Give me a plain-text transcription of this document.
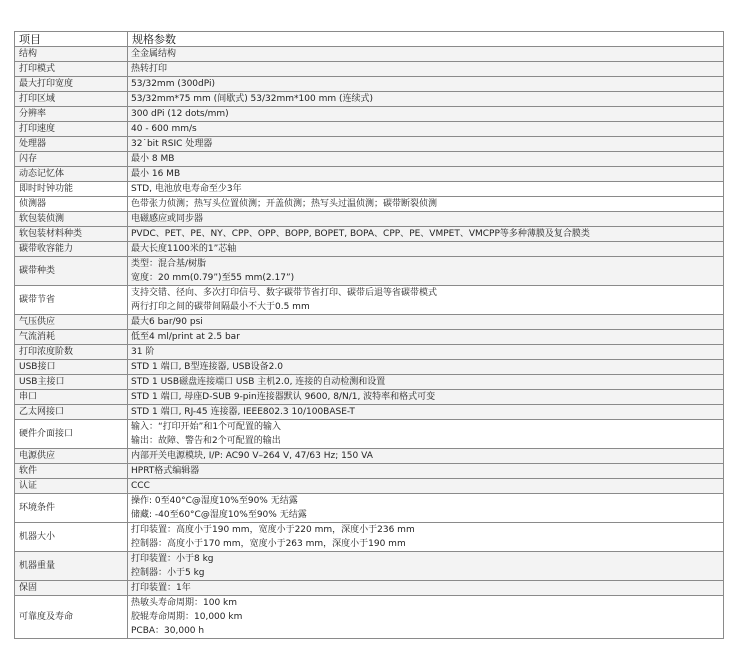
项目	规格参数
结构	全金属结构

打印模式	热转打印

最大打印宽度	53/32mm (300dPi)

打印区域	53/32mm*75 mm (间歇式) 53/32mm*100 mm (连续式)

分辨率	300 dPi (12 dots/mm)

打印速度	40 - 600 mm/s

处理器	32˙bit RSIC 处理器

闪存	最小 8 MB

动态记忆体	最小 16 MB

即时时钟功能	STD, 电池放电寿命至少3年

侦测器	色带张力侦测；热写头位置侦测；开盖侦测；热写头过温侦测；碳带断裂侦测

软包装侦测	电磁感应或同步器

软包装材料种类	PVDC、PET、PE、NY、CPP、OPP、BOPP, BOPET, BOPA、CPP、PE、VMPET、VMCPP等多种薄膜及复合膜类

碳带收容能力	最大长度1100米的1”芯轴

碳带种类	类型：混合基/树脂
宽度：20 mm(0.79”)至55 mm(2.17”)

碳带节省	支持交错、径向、多次打印信号、数字碳带节省打印、碳带后退等省碳带模式
两行打印之间的碳带间隔最小不大于0.5 mm

气压供应	最大6 bar/90 psi

气流消耗	低至4 ml/print at 2.5 bar

打印浓度阶数	31 阶

USB接口	STD 1 端口, B型连接器, USB设备2.0

USB主接口	STD 1 USB磁盘连接端口 USB 主机2.0, 连接的自动检测和设置

串口	STD 1 端口, 母座D-SUB 9-pin连接器默认 9600, 8/N/1, 波特率和格式可变

乙太网接口	STD 1 端口, RJ-45 连接器, IEEE802.3 10/100BASE-T

硬件介面接口	输入：“打印开始”和1个可配置的输入
输出：故障、警告和2个可配置的输出

电源供应	内部开关电源模块, I/P: AC90 V–264 V, 47/63 Hz; 150 VA

软件	HPRT格式编辑器

认证	CCC

环境条件	操作: 0至40°C@湿度10%至90% 无结露
储藏: -40至60°C@湿度10%至90% 无结露

机器大小	打印装置：高度小于190 mm，宽度小于220 mm，深度小于236 mm
控制器：高度小于170 mm，宽度小于263 mm，深度小于190 mm

机器重量	打印装置：小于8 kg
控制器：小于5 kg

保固	打印装置：1年

可靠度及寿命	热敏头寿命周期：100 km
胶辊寿命周期：10,000 km
PCBA：30,000 h
